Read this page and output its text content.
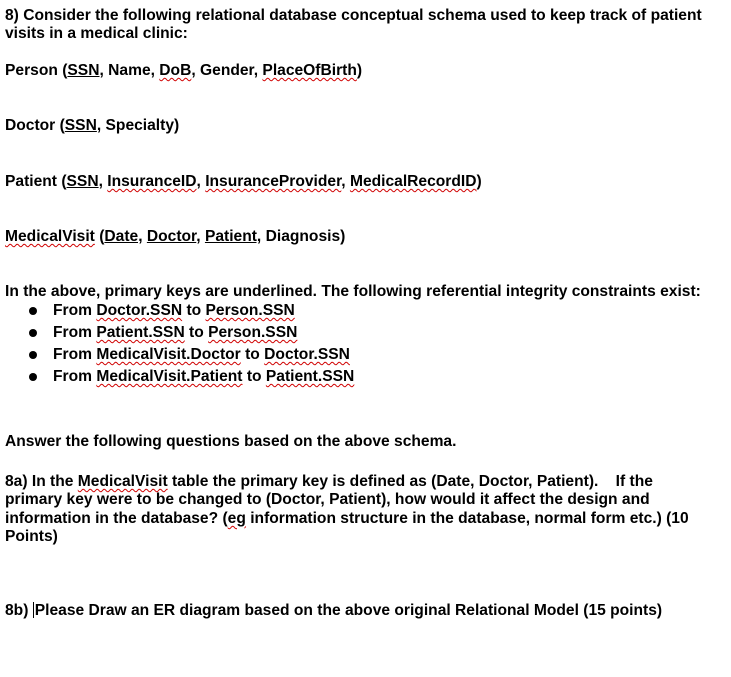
8) Consider the following relational database conceptual schema used to keep track of patient
visits in a medical clinic:
Person (SSN, Name, DoB, Gender, PlaceOfBirth)
Doctor (SSN, Specialty)
Patient (SSN, InsuranceID, InsuranceProvider, MedicalRecordID)
MedicalVisit (Date, Doctor, Patient, Diagnosis)
In the above, primary keys are underlined. The following referential integrity constraints exist:
From Doctor.SSN to Person.SSN
From Patient.SSN to Person.SSN
From MedicalVisit.Doctor to Doctor.SSN
From MedicalVisit.Patient to Patient.SSN
Answer the following questions based on the above schema.
8a) In the MedicalVisit table the primary key is defined as (Date, Doctor, Patient).    If the
primary key were to be changed to (Doctor, Patient), how would it affect the design and
information in the database? (eg information structure in the database, normal form etc.) (10
Points)
8b) Please Draw an ER diagram based on the above original Relational Model (15 points)
